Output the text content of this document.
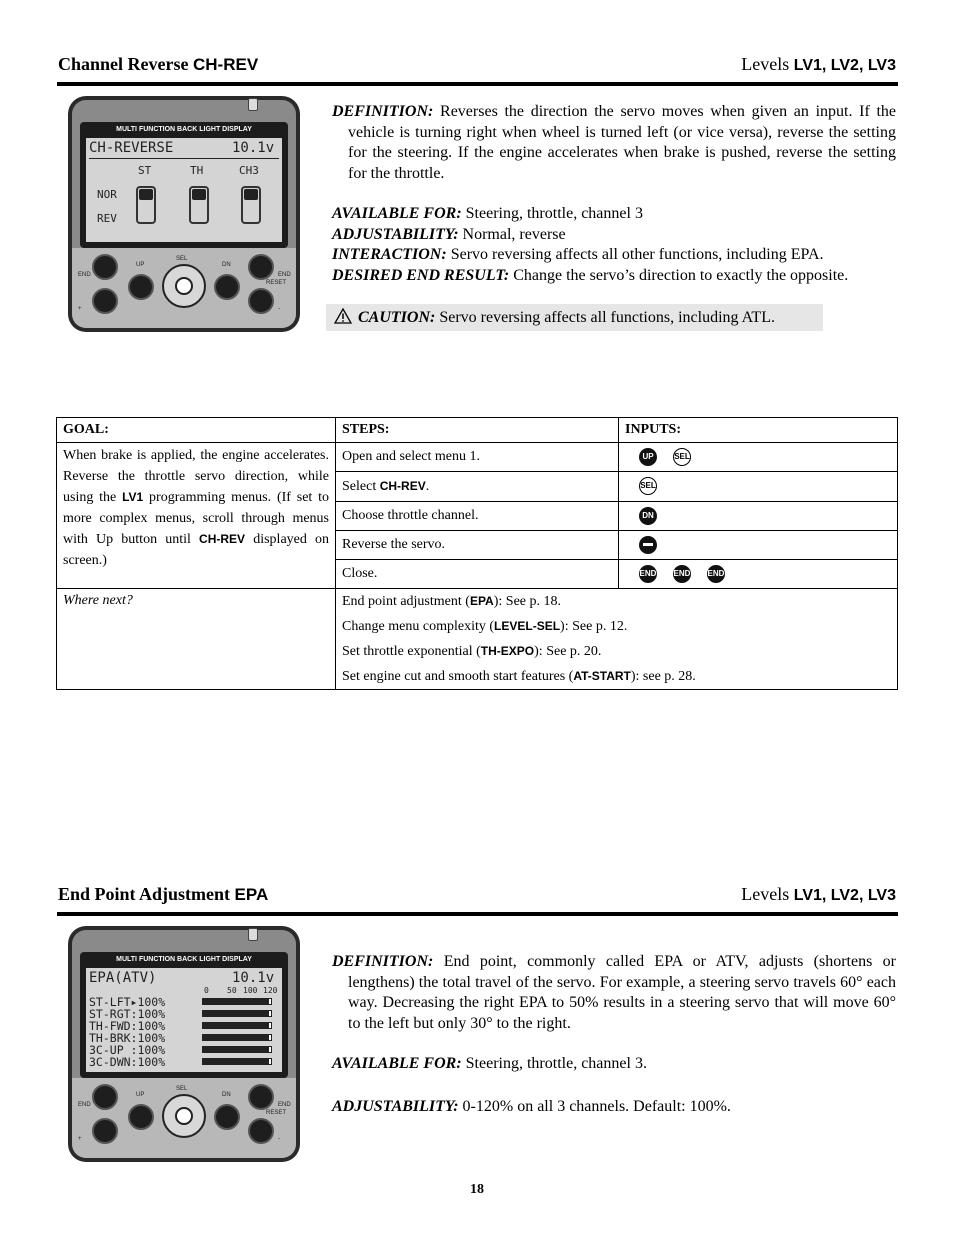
Channel Reverse CH-REV	Levels LV1, LV2, LV3
MULTI FUNCTION BACK LIGHT DISPLAY
CH-REVERSE	10.1v
ST	TH	CH3
NOR
REV
END
UP
SEL
DN
+
END
RESET
-

DEFINITION: Reverses the direction the servo moves when given an input. If the vehicle is turning right when wheel is turned left (or vice versa), reverse the setting for the steering. If the engine accelerates when brake is pushed, reverse the setting for the throttle.

AVAILABLE FOR: Steering, throttle, channel 3

ADJUSTABILITY: Normal, reverse

INTERACTION: Servo reversing affects all other functions, including EPA.

DESIRED END RESULT: Change the servo’s direction to exactly the opposite.

CAUTION: Servo reversing affects all functions, including ATL.
GOAL:	STEPS:	INPUTS:
When brake is applied, the engine accelerates. Reverse the throttle servo direction, while using the LV1 programming menus. (If set to more complex menus, scroll through menus with Up button until CH-REV displayed on screen.)	Open and select menu 1.	UP SEL
	Select CH-REV.	SEL
	Choose throttle channel.	DN
	Reverse the servo.	
	Close.	END END END
Where next?	End point adjustment (EPA): See p. 18.
Change menu complexity (LEVEL-SEL): See p. 12.
Set throttle exponential (TH-EXPO): See p. 20.
Set engine cut and smooth start features (AT-START): see p. 28.	
End Point Adjustment EPA	Levels LV1, LV2, LV3
MULTI FUNCTION BACK LIGHT DISPLAY
EPA(ATV)	10.1v
0 50 100 120
ST-LFT▸100%
ST-RGT:100%
TH-FWD:100%
TH-BRK:100%
3C-UP :100%
3C-DWN:100%
END
UP
SEL
DN
+
END
RESET
-

DEFINITION: End point, commonly called EPA or ATV, adjusts (shortens or lengthens) the total travel of the servo. For example, a steering servo travels 60° each way. Decreasing the right EPA to 50% results in a steering servo that will move 60° to the left but only 30° to the right.

AVAILABLE FOR: Steering, throttle, channel 3.

ADJUSTABILITY: 0-120% on all 3 channels. Default: 100%.

18
